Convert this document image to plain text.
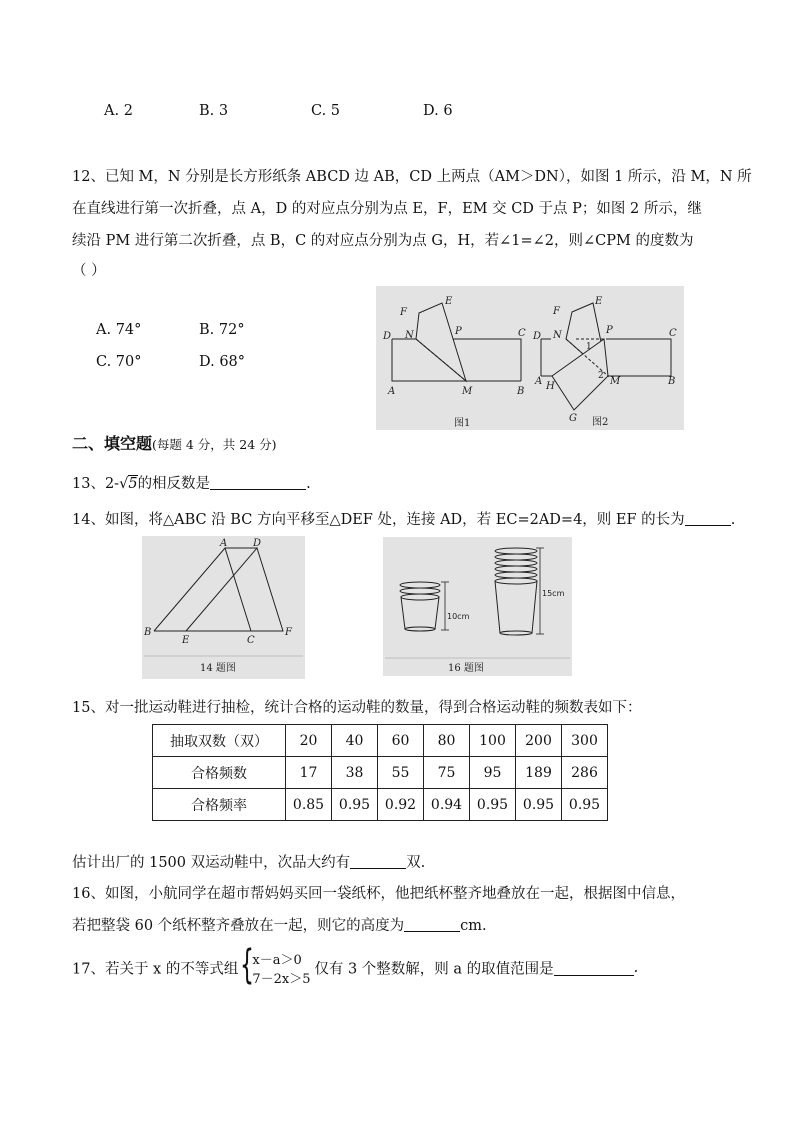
A. 2	B. 3	C. 5	D. 6
12、已知 M，N 分别是长方形纸条 ABCD 边 AB，CD 上两点（AM＞DN），如图 1 所示，沿 M，N 所
在直线进行第一次折叠，点 A，D 的对应点分别为点 E，F，EM 交 CD 于点 P；如图 2 所示，继
续沿 PM 进行第二次折叠，点 B，C 的对应点分别为点 G，H，若∠1=∠2，则∠CPM 的度数为
（ ）
A. 74°	B. 72°
C. 70°	D. 68°
F
E
D N	P	C
A	M	B
F
E
D N	P	C
A H	M	B
G
1
2
图1	图2
二、填空题(每题 4 分，共 24 分)
13、2-√5的相反数是	.
14、如图，将△ABC 沿 BC 方向平移至△DEF 处，连接 AD，若 EC=2AD=4，则 EF 的长为	.
A	D
B
E	C
F
14 题图
10cm
15cm
16 题图
15、对一批运动鞋进行抽检，统计合格的运动鞋的数量，得到合格运动鞋的频数表如下：
抽取双数（双）	20	40	60	80	100	200	300
合格频数	17	38	55	75	95	189	286
合格频率	0.85	0.95	0.92	0.94	0.95	0.95	0.95
估计出厂的 1500 双运动鞋中，次品大约有	双.
16、如图，小航同学在超市帮妈妈买回一袋纸杯，他把纸杯整齐地叠放在一起，根据图中信息，
若把整袋 60 个纸杯整齐叠放在一起，则它的高度为	cm.
17、若关于 x 的不等式组 {
x－a＞0
7－2x＞5
仅有 3 个整数解，则 a 的取值范围是	.
